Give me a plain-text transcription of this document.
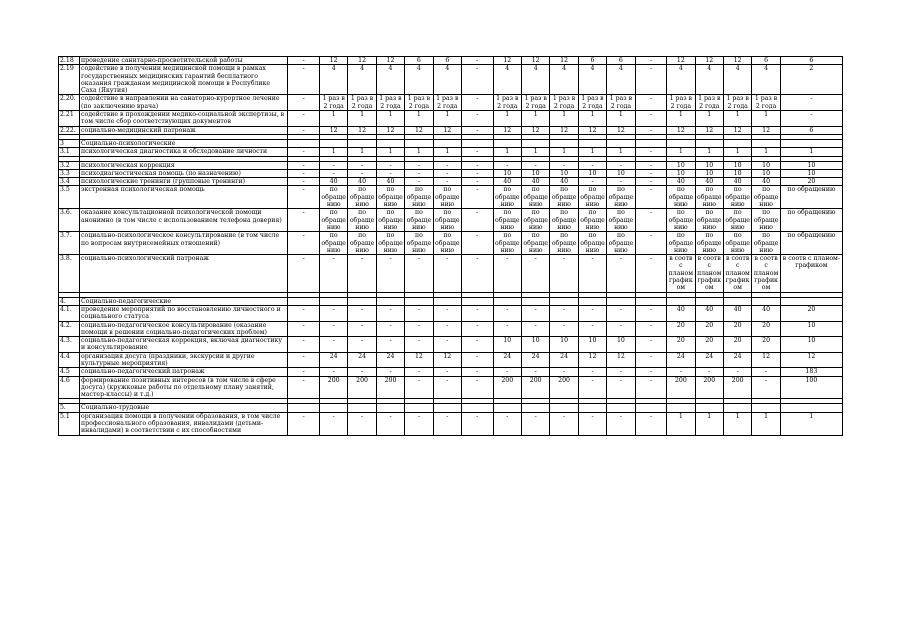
2.18	проведение санитарно-просветительской работы	-	12	12	12	6	6	-	12	12	12	6	6	-	12	12	12	6	6
2.19	содействие в получении медицинской помощи в рамках государственных медицинских гарантий бесплатного оказания гражданам медицинской помощи в Республике Саха (Якутия)	-	4	4	4	4	4	-	4	4	4	4	4	-	4	4	4	4	2
2.20.	содействие в направлении на санаторно-курортное лечение (по заключению врача)	-	1 раз в 2 года	1 раз в 2 года	1 раз в 2 года	1 раз в 2 года	1 раз в 2 года	-	1 раз в 2 года	1 раз в 2 года	1 раз в 2 года	1 раз в 2 года	1 раз в 2 года	-	1 раз в 2 года	1 раз в 2 года	1 раз в 2 года	1 раз в 2 года	-
2.21	содействие в прохождении медико-социальной экспертизы, в том числе сбор соответствующих документов	-	1	1	1	1	1	-	1	1	1	1	1	-	1	1	1	1	-
2.22.	социально-медицинский патронаж	-	12	12	12	12	12	-	12	12	12	12	12	-	12	12	12	12	6

3	Социально-психологические																		
3.1	психологическая диагностика и обследование личности	-	1	1	1	1	1	-	1	1	1	1	1	-	1	1	1	1	1

3.2	психологическая коррекция	-	-	-	-	-	-	-	-	-	-	-	-	-	10	10	10	10	10
3.3	психодиагностическая помощь (по назначению)	-	-	-	-	-	-	-	10	10	10	10	10	-	10	10	10	10	10
3.4	психологические тренинги (групповые тренинги)	-	40	40	40	-	-	-	40	40	40	-	-	-	40	40	40	40	20
3.5	экстренная психологическая помощь	-	по обраще нию	по обраще нию	по обраще нию	по обраще нию	по обраще нию	-	по обраще нию	по обраще нию	по обраще нию	по обраще нию	по обраще нию	-	по обраще нию	по обраще нию	по обраще нию	по обраще нию	по обращению
3.6.	оказание консультационной психологической помощи анонимно (в том числе с использованием телефона доверия)	-	по обраще нию	по обраще нию	по обраще нию	по обраще нию	по обраще нию	-	по обраще нию	по обраще нию	по обраще нию	по обраще нию	по обраще нию	-	по обраще нию	по обраще нию	по обраще нию	по обраще нию	по обращению
3.7.	социально-психологическое консультирование (в том числе по вопросам внутрисемейных отношений)	-	по обраще нию	по обраще нию	по обраще нию	по обраще нию	по обраще нию	-	по обраще нию	по обраще нию	по обраще нию	по обраще нию	по обраще нию	-	по обраще нию	по обраще нию	по обраще нию	по обраще нию	по обращению
3.8.	социально-психологический патронаж	-	-	-	-	-	-	-	-	-	-	-	-	-	в соотв с планом график ом	в соотв с планом график ом	в соотв с планом график ом	в соотв с планом график ом	в соотв с планом-графиком

4.	Социально-педагогические																		
4.1.	проведение мероприятий по восстановлению личностного и социального статуса	-	-	-	-	-	-	-	-	-	-	-	-	-	40	40	40	40	20
4.2.	социально-педагогическое консультирование (оказание помощи в решении социально-педагогических проблем)	-	-	-	-	-	-	-	-	-	-	-	-	-	20	20	20	20	10
4.3.	социально-педагогическая коррекция, включая диагностику и консультирование	-	-	-	-	-	-	-	10	10	10	10	10	-	20	20	20	20	10
4.4	организация досуга (праздники, экскурсии и другие культурные мероприятия)	-	24	24	24	12	12	-	24	24	24	12	12	-	24	24	24	12	12
4.5	социально-педагогический патронаж	-	-	-	-	-	-	-	-	-	-	-	-	-	-	-	-	-	183
4.6	формирование позитивных интересов (в том числе в сфере досуга) (кружковые работы по отдельному плану занятий, мастер-классы) и т.д.)	-	200	200	200	-	-	-	200	200	200	-	-	-	200	200	200	-	100

5.	Социально-трудовые																		
5.1	организация помощи в получении образования, в том числе профессионального образования, инвалидами (детьми-инвалидами) в соответствии с их способностями	-	-	-	-	-	-	-	-	-	-	-	-	-	1	1	1	1	1
